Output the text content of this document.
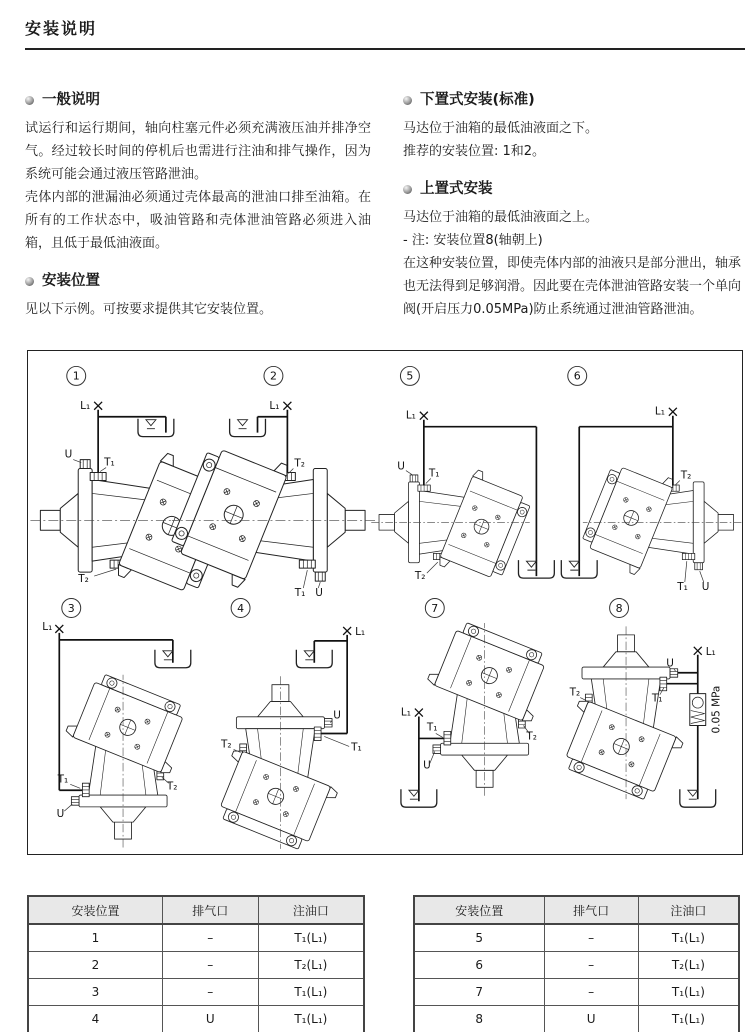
安装说明
一般说明

试运行和运行期间，轴向柱塞元件必须充满液压油并排净空气。经过较长时间的停机后也需进行注油和排气操作，因为系统可能会通过液压管路泄油。

壳体内部的泄漏油必须通过壳体最高的泄油口排至油箱。在所有的工作状态中，吸油管路和壳体泄油管路必须进入油箱，且低于最低油液面。

安装位置

见以下示例。可按要求提供其它安装位置。

下置式安装(标准)

马达位于油箱的最低油液面之下。

推荐的安装位置: 1和2。

上置式安装

马达位于油箱的最低油液面之上。

- 注: 安装位置8(轴朝上)

在这种安装位置，即使壳体内部的油液只是部分泄出，轴承也无法得到足够润滑。因此要在壳体泄油管路安装一个单向阀(开启压力0.05MPa)防止系统通过泄油管路泄油。

1
L₁
U
T₁
T₂
2
L₁
T₂
T₁ U
5
L₁
U
T₁
T₂
6
L₁
T₂
T₁ U
3
L₁
T₁
U
T₂
4
L₁
U
T₁
T₂
7
L₁
T₁
U
T₂
8
L₁
U
T₁
T₂	0.05 MPa
安装位置	排气口	注油口
1	–	T₁(L₁)
2	–	T₂(L₁)
3	–	T₁(L₁)
4	U	T₁(L₁)
安装位置	排气口	注油口
5	–	T₁(L₁)
6	–	T₂(L₁)
7	–	T₁(L₁)
8	U	T₁(L₁)
